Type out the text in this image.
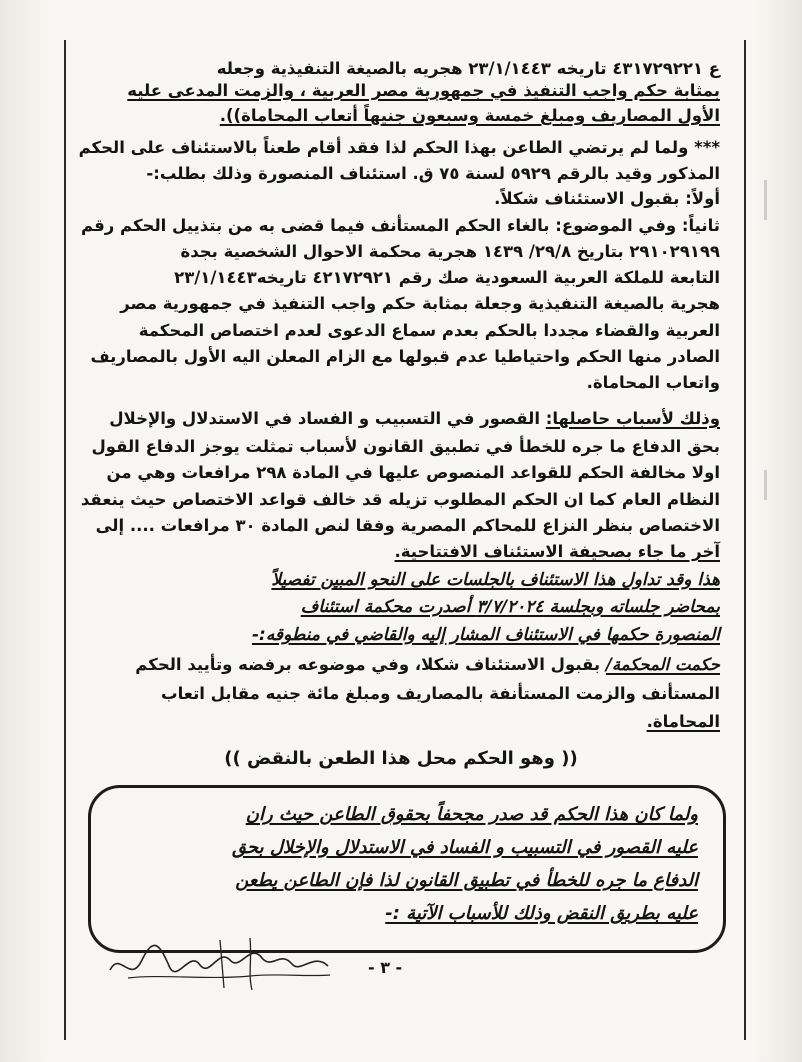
ع ٤٣١٧٢٩٢٢١ تاريخه ٢٣/١/١٤٤٣ هجريه بالصيغة التنفيذية وجعله
بمثابة حكم واجب التنفيذ في جمهورية مصر العربية ، والزمت المدعى عليه
الأول المصاريف ومبلغ خمسة وسبعون جنيهاً أتعاب المحاماة)).
*** ولما لم يرتضي الطاعن بهذا الحكم لذا فقد أقام طعناً بالاستئناف على الحكم
المذكور وقيد بالرقم ٥٩٢٩ لسنة ٧٥ ق. استئناف المنصورة وذلك بطلب:-
أولاً: بقبول الاستئناف شكلاً.
ثانياً: وفي الموضوع: بالغاء الحكم المستأنف فيما قضى به من بتذييل الحكم رقم
٢٩١٠٢٩١٩٩ بتاريخ ٢٩/٨/ ١٤٣٩ هجرية محكمة الاحوال الشخصية بجدة
التابعة للملكة العربية السعودية صك رقم ٤٢١٧٢٩٢١ تاريخه٢٣/١/١٤٤٣
هجرية بالصيغة التنفيذية وجعلة بمثابة حكم واجب التنفيذ في جمهورية مصر
العربية والقضاء مجددا بالحكم بعدم سماع الدعوى لعدم اختصاص المحكمة
الصادر منها الحكم واحتياطيا عدم قبولها مع الزام المعلن اليه الأول بالمصاريف
واتعاب المحاماة.
وذلك لأسباب حاصلها: القصور في التسبيب و الفساد في الاستدلال والإخلال
بحق الدفاع ما جره للخطأ في تطبيق القانون لأسباب تمثلت يوجز الدفاع القول
اولا مخالفة الحكم للقواعد المنصوص عليها في المادة ٢٩٨ مرافعات وهي من
النظام العام كما ان الحكم المطلوب تزيله قد خالف قواعد الاختصاص حيث ينعقد
الاختصاص بنظر النزاع للمحاكم المصرية وفقا لنص المادة ٣٠ مرافعات .... إلى
آخر ما جاء بصحيفة الاستئناف الافتتاحية.
هذا وقد تداول هذا الاستئناف بالجلسات على النحو المبين تفصيلاً
بمحاضر جلساته وبجلسة ٣/٧/٢٠٢٤ أصدرت محكمة استئناف
المنصورة حكمها في الاستئناف المشار إليه والقاضي في منطوقه:-
حكمت المحكمة/ بقبول الاستئناف شكلا، وفي موضوعه برفضه وتأييد الحكم
المستأنف والزمت المستأنفة بالمصاريف ومبلغ مائة جنيه مقابل اتعاب
المحاماة.
(( وهو الحكم محل هذا الطعن بالنقض ))
ولما كان هذا الحكم قد صدر مجحفاً بحقوق الطاعن حيث ران
عليه القصور في التسبيب و الفساد في الاستدلال والإخلال بحق
الدفاع ما جره للخطأ في تطبيق القانون لذا فإن الطاعن يطعن
عليه بطريق النقض وذلك للأسباب الآتية :-
- ٣ -
